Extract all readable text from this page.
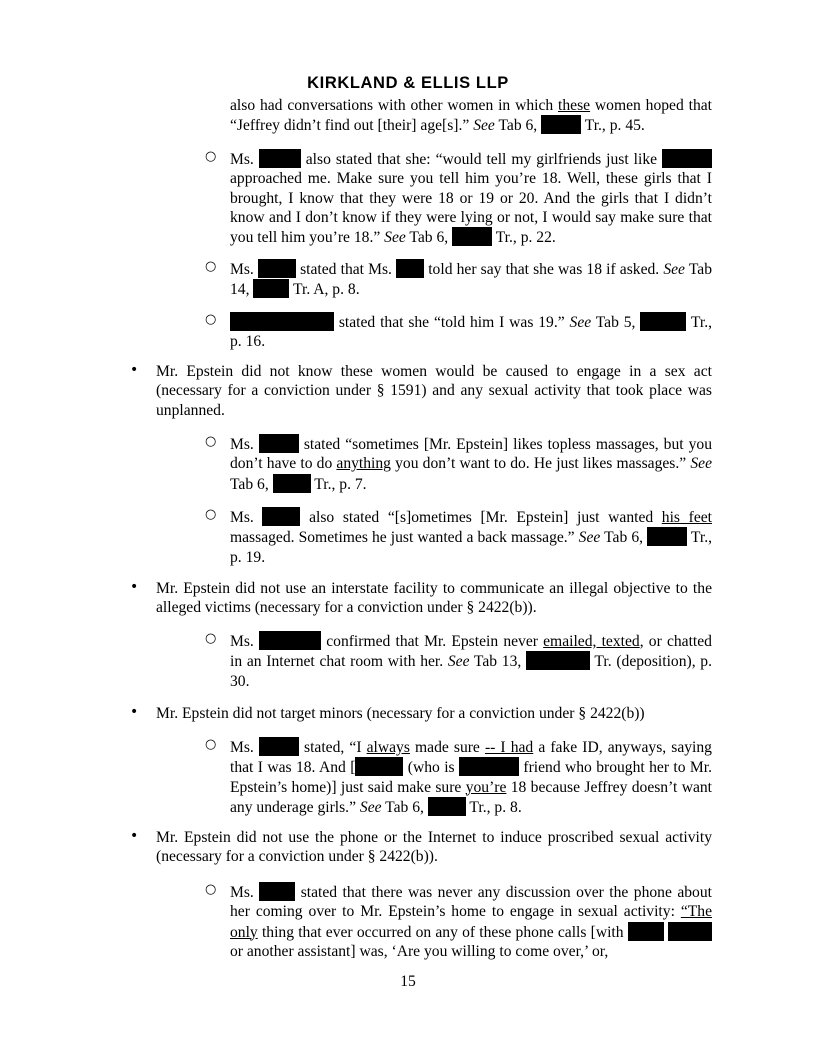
KIRKLAND & ELLIS LLP
also had conversations with other women in which these women hoped that “Jeffrey didn’t find out [their] age[s].” See Tab 6,	Tr., p. 45.
○ Ms.	also stated that she: “would tell my girlfriends just like  approached me. Make sure you tell him you’re 18. Well, these girls that I brought, I know that they were 18 or 19 or 20. And the girls that I didn’t know and I don’t know if they were lying or not, I would say make sure that you tell him you’re 18.” See Tab 6,	Tr., p. 22.
○ Ms.  stated that Ms.  told her say that she was 18 if asked. See Tab 14,  Tr. A, p. 8.
○	stated that she “told him I was 19.” See Tab 5,	Tr., p. 16.
• Mr. Epstein did not know these women would be caused to engage in a sex act (necessary for a conviction under § 1591) and any sexual activity that took place was unplanned.
○ Ms.	stated “sometimes [Mr. Epstein] likes topless massages, but you don’t have to do anything you don’t want to do. He just likes massages.” See Tab 6,  Tr., p. 7.
○ Ms.  also stated “[s]ometimes [Mr. Epstein] just wanted his feet massaged. Sometimes he just wanted a back massage.” See Tab 6,	Tr., p. 19.
• Mr. Epstein did not use an interstate facility to communicate an illegal objective to the alleged victims (necessary for a conviction under § 2422(b)).
○ Ms.	confirmed that Mr. Epstein never emailed, texted, or chatted in an Internet chat room with her. See Tab 13,	Tr. (deposition), p. 30.
• Mr. Epstein did not target minors (necessary for a conviction under § 2422(b))
○ Ms.	stated, “I always made sure -- I had a fake ID, anyways, saying that I was 18. And [	(who is	friend who brought her to Mr. Epstein’s home)] just said make sure you’re 18 because Jeffrey doesn’t want any underage girls.” See Tab 6,  Tr., p. 8.
• Mr. Epstein did not use the phone or the Internet to induce proscribed sexual activity (necessary for a conviction under § 2422(b)).
○ Ms.  stated that there was never any discussion over the phone about her coming over to Mr. Epstein’s home to engage in sexual activity: “The only thing that ever occurred on any of these phone calls [with   or another assistant] was, ‘Are you willing to come over,’ or,
15
